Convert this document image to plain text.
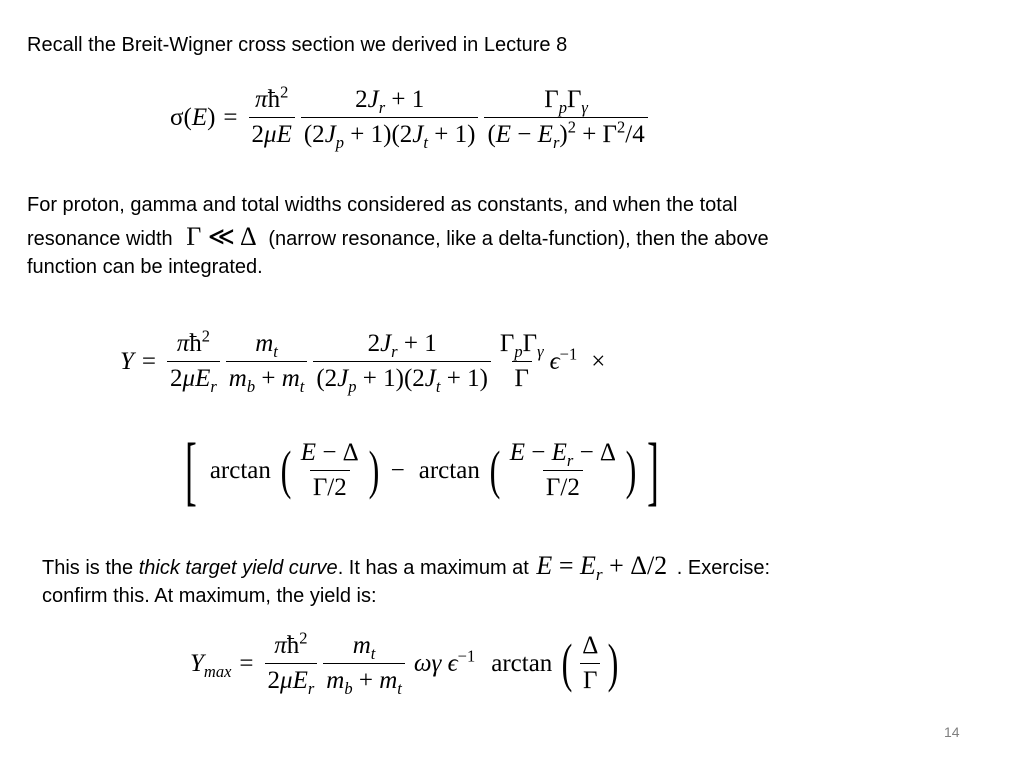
Recall the Breit-Wigner cross section we derived in Lecture 8
$\sigma(E) = \frac{\pi ħ^2}{2\mu E} \frac{2J_r + 1}{(2J_p + 1)(2J_t + 1)} \frac{\Gamma_p\Gamma_\gamma}{(E - E_r)^2 + \Gamma^2/4}$
For proton, gamma and total widths considered as constants, and when the total
resonance width Γ ≪ Δ (narrow resonance, like a delta-function), then the above
function can be integrated.
$Y = \frac{\pi ħ^2}{2\mu E_r} \frac{m_t}{m_b + m_t} \frac{2J_r + 1}{(2J_p + 1)(2J_t + 1)} \frac{\Gamma_p\Gamma_\gamma}{\Gamma} \epsilon^{-1}$ ×
[ arctan ( $\frac{E - \Delta}{\Gamma/2}$ ) − arctan ( $\frac{E - E_r - \Delta}{\Gamma/2}$ ) ]
This is the thick target yield curve. It has a maximum at $E = E_r + \Delta/2$ . Exercise:
confirm this. At maximum, the yield is:
$Y_{max} = \frac{\pi ħ^2}{2\mu E_r} \frac{m_t}{m_b + m_t}$ ωγ $\epsilon^{-1}$ arctan ( $\frac{\Delta}{\Gamma}$ )
14
